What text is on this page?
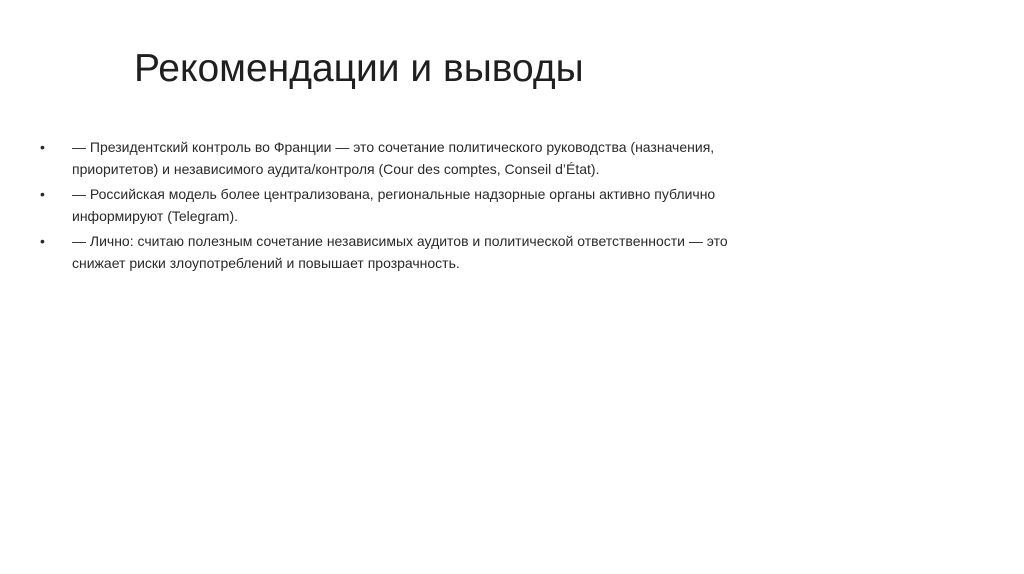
Рекомендации и выводы
•	— Президентский контроль во Франции — это сочетание политического руководства (назначения, приоритетов) и независимого аудита/контроля (Cour des comptes, Conseil d’État).
•	— Российская модель более централизована, региональные надзорные органы активно публично информируют (Telegram).
•	— Лично: считаю полезным сочетание независимых аудитов и политической ответственности — это снижает риски злоупотреблений и повышает прозрачность.
